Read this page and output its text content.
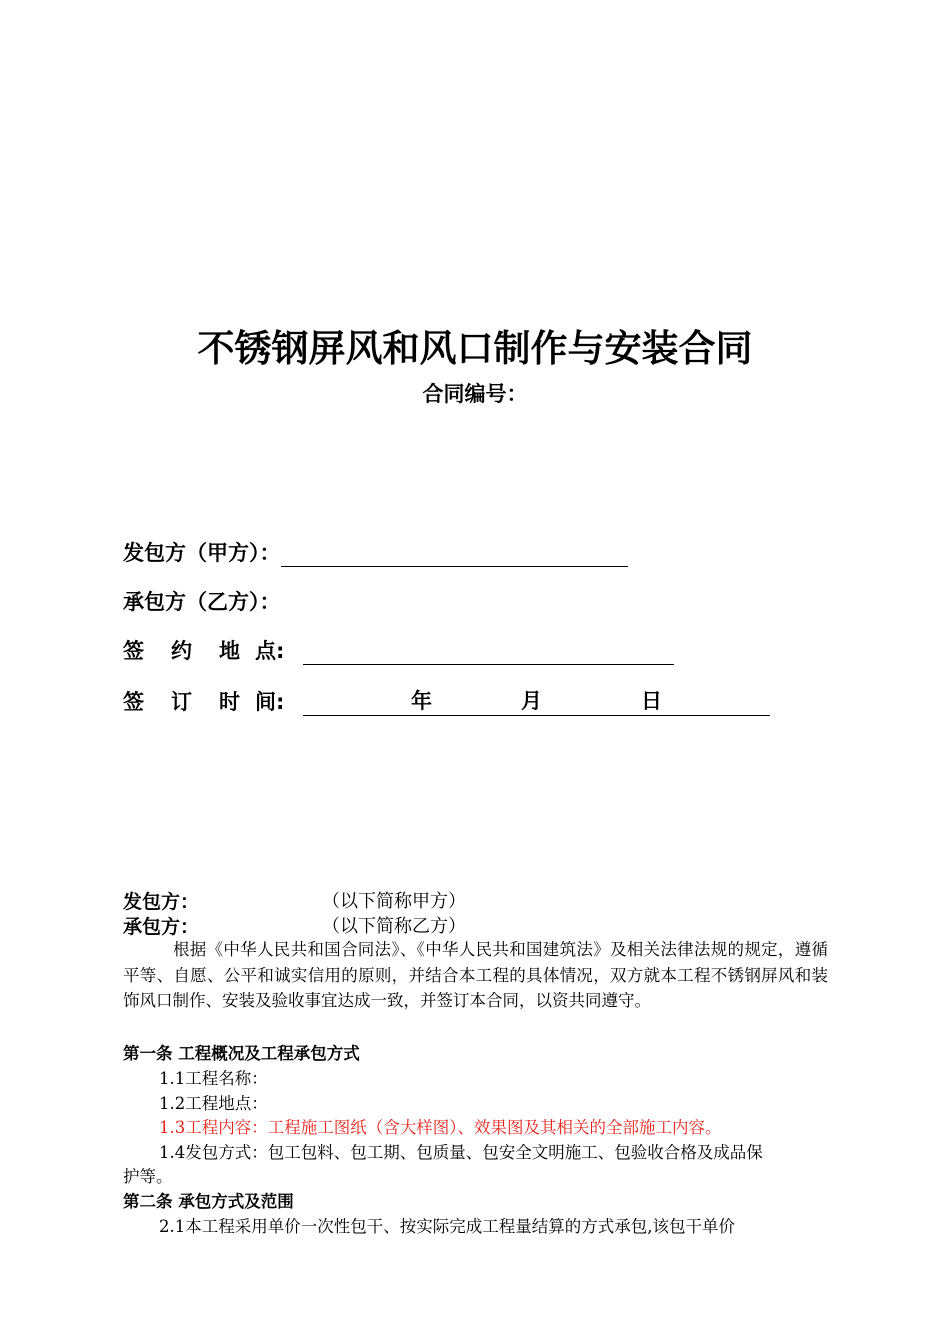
不锈钢屏风和风口制作与安装合同
合同编号：
发包方（甲方）：
承包方（乙方）：
签	约	地 点:
签	订	时 间:	年	月	日
发包方：	（以下简称甲方）
承包方：	（以下简称乙方）
根据《中华人民共和国合同法》、《中华人民共和国建筑法》及相关法律法规的规定，遵循平等、自愿、公平和诚实信用的原则，并结合本工程的具体情况，双方就本工程不锈钢屏风和装饰风口制作、安装及验收事宜达成一致，并签订本合同，以资共同遵守。
第一条 工程概况及工程承包方式
1.1工程名称：
1.2工程地点：
1.3工程内容：工程施工图纸（含大样图）、效果图及其相关的全部施工内容。
1.4发包方式：包工包料、包工期、包质量、包安全文明施工、包验收合格及成品保
护等。
第二条 承包方式及范围
2.1本工程采用单价一次性包干、按实际完成工程量结算的方式承包,该包干单价
